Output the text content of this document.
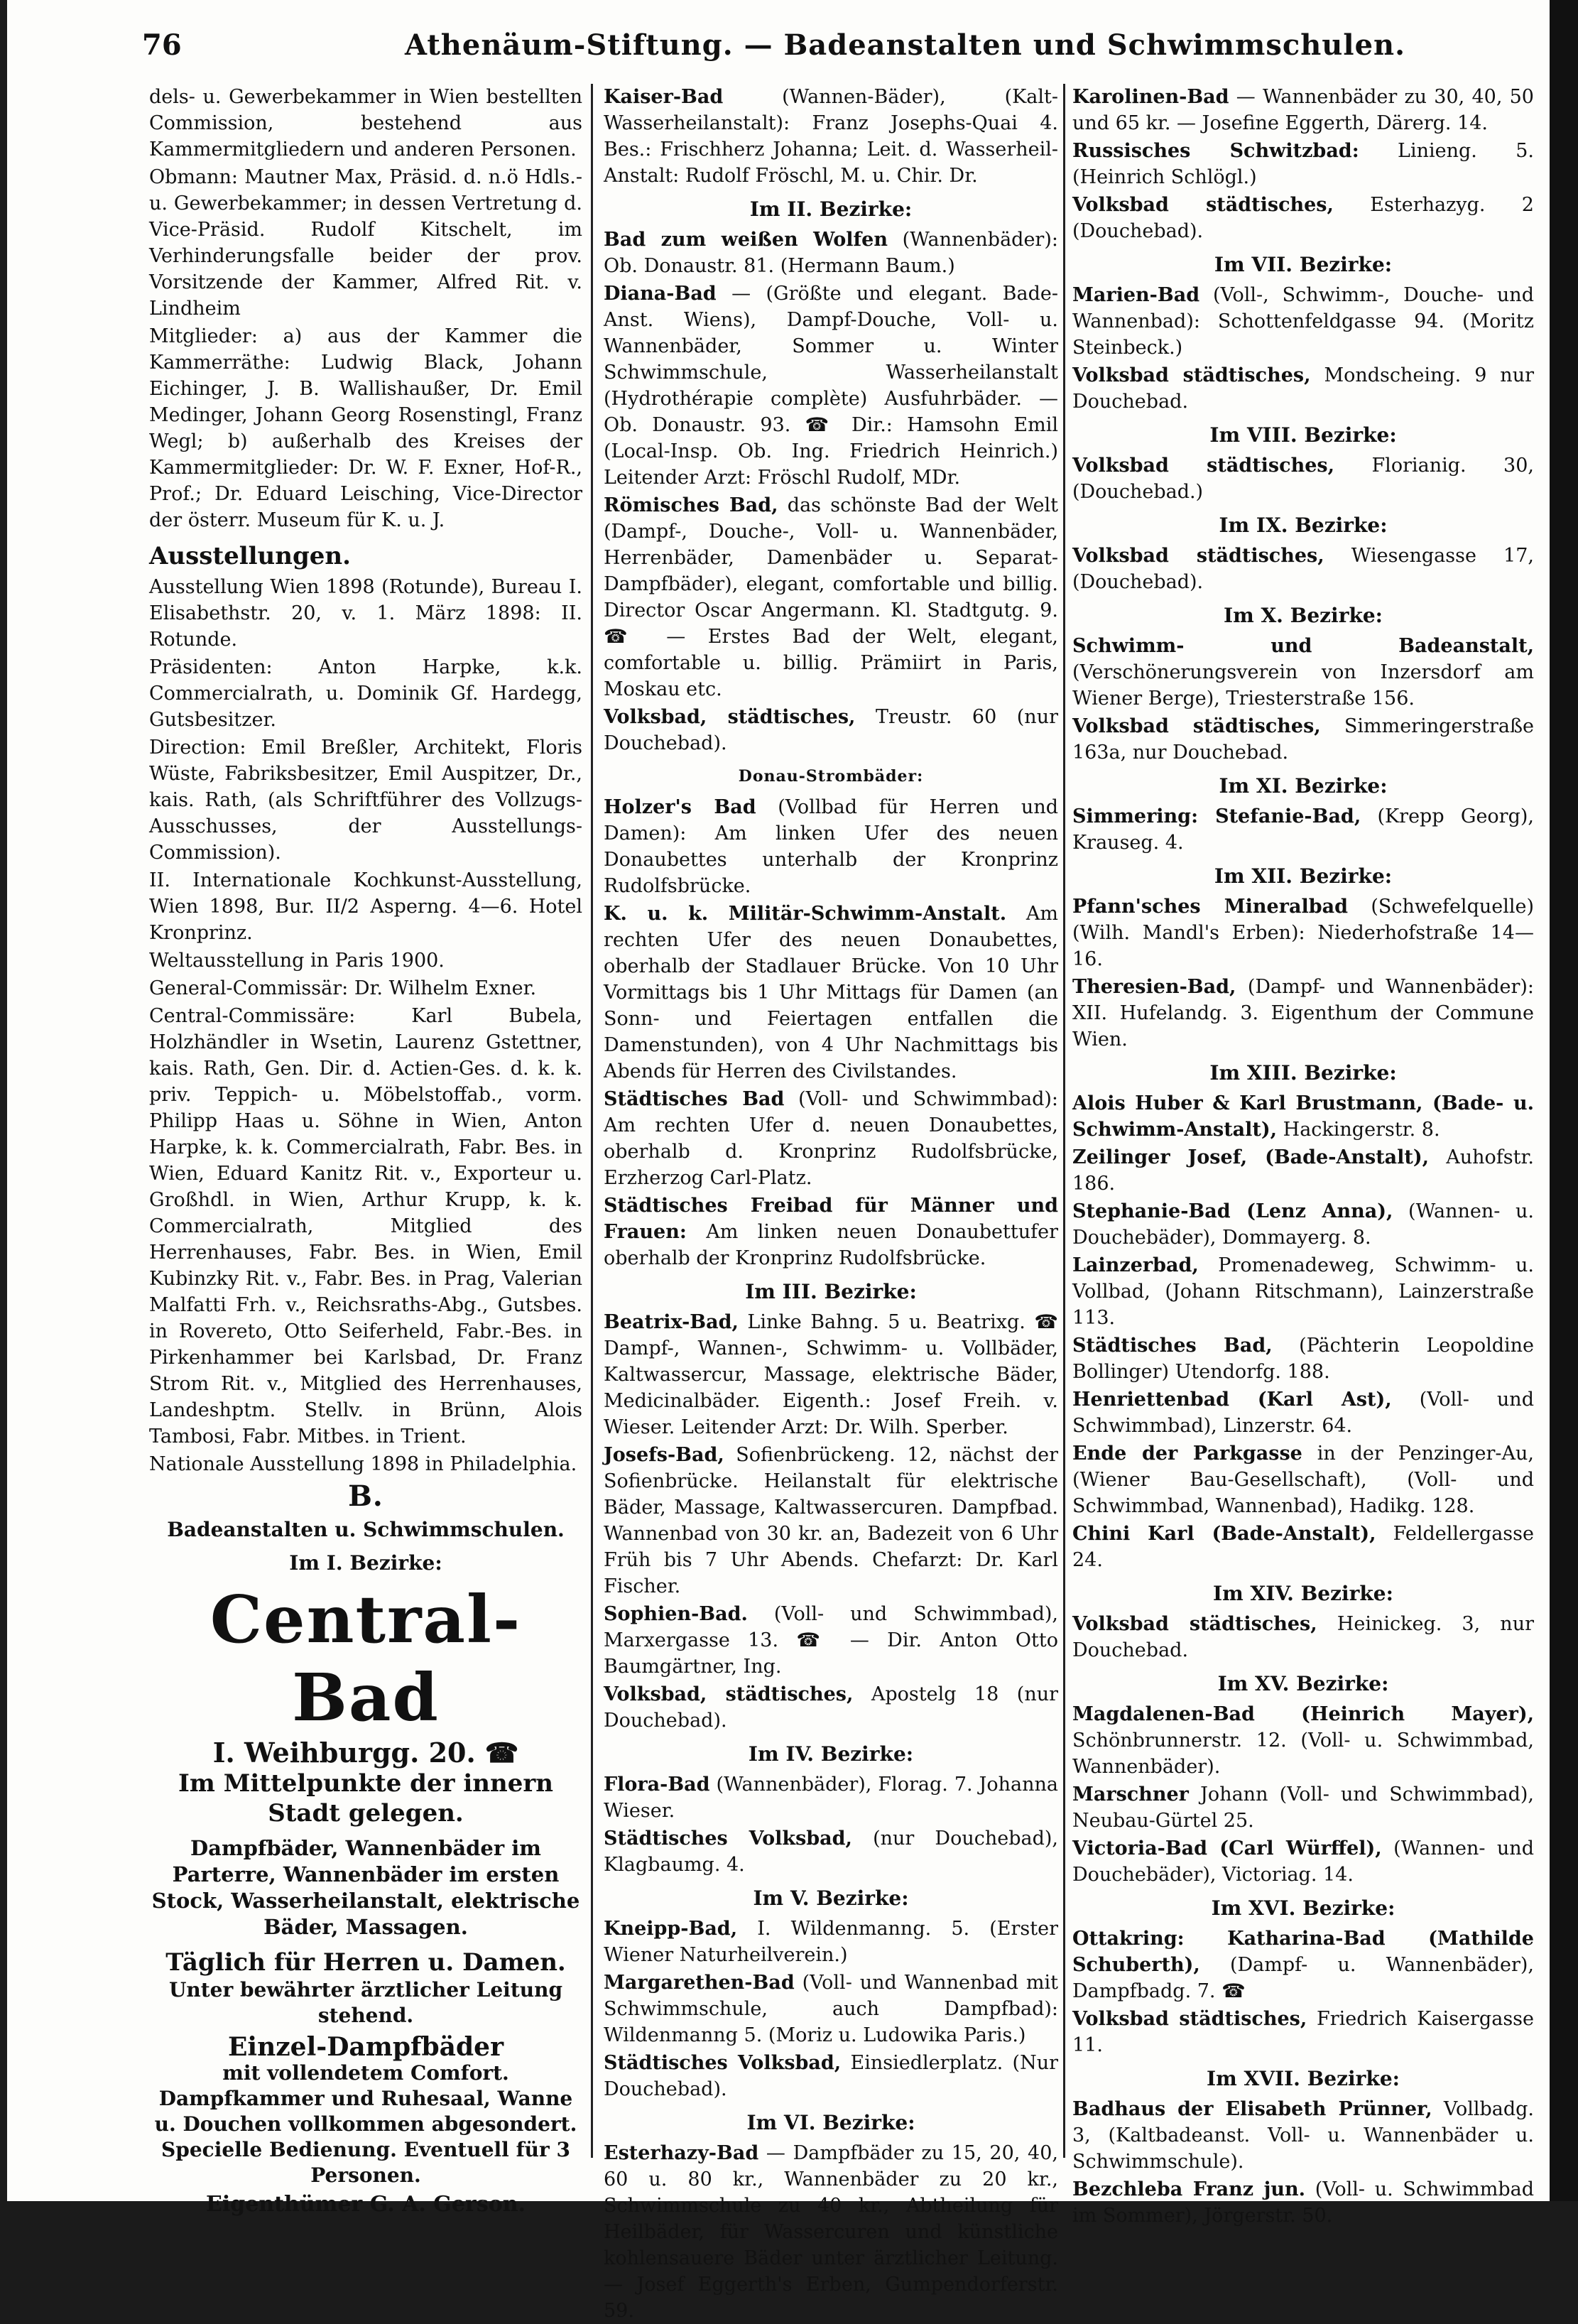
76	Athenäum-Stiftung. — Badeanstalten und Schwimmschulen.

dels- u. Gewerbekammer in Wien bestellten Commission, bestehend aus Kammermitgliedern und anderen Personen.

Obmann: Mautner Max, Präsid. d. n.ö Hdls.- u. Gewerbekammer; in dessen Vertretung d. Vice-Präsid. Rudolf Kitschelt, im Verhinderungsfalle beider der prov. Vorsitzende der Kammer, Alfred Rit. v. Lindheim

Mitglieder: a) aus der Kammer die Kammerräthe: Ludwig Black, Johann Eichinger, J. B. Wallishaußer, Dr. Emil Medinger, Johann Georg Rosenstingl, Franz Wegl; b) außerhalb des Kreises der Kammermitglieder: Dr. W. F. Exner, Hof-R., Prof.; Dr. Eduard Leisching, Vice-Director der österr. Museum für K. u. J.

Ausstellungen.

Ausstellung Wien 1898 (Rotunde), Bureau I. Elisabethstr. 20, v. 1. März 1898: II. Rotunde.

Präsidenten: Anton Harpke, k.k. Commercialrath, u. Dominik Gf. Hardegg, Gutsbesitzer.

Direction: Emil Breßler, Architekt, Floris Wüste, Fabriksbesitzer, Emil Auspitzer, Dr., kais. Rath, (als Schriftführer des Vollzugs-Ausschusses, der Ausstellungs-Commission).

II. Internationale Kochkunst-Ausstellung, Wien 1898, Bur. II/2 Asperng. 4—6. Hotel Kronprinz.

Weltausstellung in Paris 1900.

General-Commissär: Dr. Wilhelm Exner.

Central-Commissäre: Karl Bubela, Holzhändler in Wsetin, Laurenz Gstettner, kais. Rath, Gen. Dir. d. Actien-Ges. d. k. k. priv. Teppich- u. Möbelstoffab., vorm. Philipp Haas u. Söhne in Wien, Anton Harpke, k. k. Commercialrath, Fabr. Bes. in Wien, Eduard Kanitz Rit. v., Exporteur u. Großhdl. in Wien, Arthur Krupp, k. k. Commercialrath, Mitglied des Herrenhauses, Fabr. Bes. in Wien, Emil Kubinzky Rit. v., Fabr. Bes. in Prag, Valerian Malfatti Frh. v., Reichsraths-Abg., Gutsbes. in Rovereto, Otto Seiferheld, Fabr.-Bes. in Pirkenhammer bei Karlsbad, Dr. Franz Strom Rit. v., Mitglied des Herrenhauses, Landeshptm. Stellv. in Brünn, Alois Tambosi, Fabr. Mitbes. in Trient.

Nationale Ausstellung 1898 in Philadelphia.

B.
Badeanstalten u. Schwimmschulen.
Im I. Bezirke:
Central-Bad
I. Weihburgg. 20. ☎
Im Mittelpunkte der innern Stadt gelegen.
Dampfbäder, Wannenbäder im Parterre, Wannenbäder im ersten Stock, Wasserheilanstalt, elektrische Bäder, Massagen.
Täglich für Herren u. Damen.
Unter bewährter ärztlicher Leitung stehend.
Einzel-Dampfbäder
mit vollendetem Comfort. Dampfkammer und Ruhesaal, Wanne u. Douchen vollkommen abgesondert. Specielle Bedienung. Eventuell für 3 Personen.
Eigenthümer G. A. Gerson.

Kaiser-Bad	(Wannen-Bäder), (Kalt-Wasserheilanstalt): Franz Josephs-Quai 4. Bes.: Frischherz Johanna; Leit. d. Wasserheil-Anstalt: Rudolf Fröschl, M. u. Chir. Dr.

Im II. Bezirke:

Bad zum weißen Wolfen (Wannenbäder): Ob. Donaustr. 81. (Hermann Baum.)

Diana-Bad — (Größte und elegant. Bade-Anst. Wiens), Dampf-Douche, Voll- u. Wannenbäder, Sommer u. Winter Schwimmschule, Wasserheilanstalt (Hydrothérapie complète) Ausfuhrbäder. — Ob. Donaustr. 93. ☎ Dir.: Hamsohn Emil (Local-Insp. Ob. Ing. Friedrich Heinrich.) Leitender Arzt: Fröschl Rudolf, MDr.

Römisches Bad, das schönste Bad der Welt (Dampf-, Douche-, Voll- u. Wannenbäder, Herrenbäder, Damenbäder u. Separat-Dampfbäder), elegant, comfortable und billig. Director Oscar Angermann. Kl. Stadtgutg. 9. ☎ — Erstes Bad der Welt, elegant, comfortable u. billig. Prämiirt in Paris, Moskau etc.

Volksbad, städtisches, Treustr. 60 (nur Douchebad).

Donau-Strombäder:

Holzer's Bad (Vollbad für Herren und Damen): Am linken Ufer des neuen Donaubettes unterhalb der Kronprinz Rudolfsbrücke.

K. u. k. Militär-Schwimm-Anstalt. Am rechten Ufer des neuen Donaubettes, oberhalb der Stadlauer Brücke. Von 10 Uhr Vormittags bis 1 Uhr Mittags für Damen (an Sonn- und Feiertagen entfallen die Damenstunden), von 4 Uhr Nachmittags bis Abends für Herren des Civilstandes.

Städtisches Bad (Voll- und Schwimmbad): Am rechten Ufer d. neuen Donaubettes, oberhalb d. Kronprinz Rudolfsbrücke, Erzherzog Carl-Platz.

Städtisches Freibad für Männer und Frauen: Am linken neuen Donaubettufer oberhalb der Kronprinz Rudolfsbrücke.

Im III. Bezirke:

Beatrix-Bad, Linke Bahng. 5 u. Beatrixg. ☎ Dampf-, Wannen-, Schwimm- u. Vollbäder, Kaltwassercur, Massage, elektrische Bäder, Medicinalbäder. Eigenth.: Josef Freih. v. Wieser. Leitender Arzt: Dr. Wilh. Sperber.

Josefs-Bad, Sofienbrückeng. 12, nächst der Sofienbrücke. Heilanstalt für elektrische Bäder, Massage, Kaltwassercuren. Dampfbad. Wannenbad von 30 kr. an, Badezeit von 6 Uhr Früh bis 7 Uhr Abends. Chefarzt: Dr. Karl Fischer.

Sophien-Bad. (Voll- und Schwimmbad), Marxergasse 13. ☎ — Dir. Anton Otto Baumgärtner, Ing.

Volksbad, städtisches, Apostelg 18 (nur Douchebad).

Im IV. Bezirke:

Flora-Bad (Wannenbäder), Florag. 7. Johanna Wieser.

Städtisches Volksbad, (nur Douchebad), Klagbaumg. 4.

Im V. Bezirke:

Kneipp-Bad, I. Wildenmanng. 5. (Erster Wiener Naturheilverein.)

Margarethen-Bad (Voll- und Wannenbad mit Schwimmschule, auch Dampfbad): Wildenmanng 5. (Moriz u. Ludowika Paris.)

Städtisches Volksbad, Einsiedlerplatz. (Nur Douchebad).

Im VI. Bezirke:

Esterhazy-Bad — Dampfbäder zu 15, 20, 40, 60 u. 80 kr., Wannenbäder zu 20 kr., Schwimmschule zu 40 kr., Abtheilung für Heilbäder, für Wassercuren und künstliche kohlensauere Bäder unter ärztlicher Leitung. — Josef Eggerth's Erben, Gumpendorferstr. 59.

Karolinen-Bad — Wannenbäder zu 30, 40, 50 und 65 kr. — Josefine Eggerth, Därerg. 14.

Russisches Schwitzbad: Linieng. 5. (Heinrich Schlögl.)

Volksbad städtisches, Esterhazyg. 2 (Douchebad).

Im VII. Bezirke:

Marien-Bad (Voll-, Schwimm-, Douche- und Wannenbad): Schottenfeldgasse 94. (Moritz Steinbeck.)

Volksbad städtisches, Mondscheing. 9 nur Douchebad.

Im VIII. Bezirke:

Volksbad städtisches, Florianig. 30, (Douchebad.)

Im IX. Bezirke:

Volksbad städtisches, Wiesengasse 17, (Douchebad).

Im X. Bezirke:

Schwimm- und Badeanstalt, (Verschönerungsverein von Inzersdorf am Wiener Berge), Triesterstraße 156.

Volksbad städtisches, Simmeringerstraße 163a, nur Douchebad.

Im XI. Bezirke:

Simmering: Stefanie-Bad, (Krepp Georg), Krauseg. 4.

Im XII. Bezirke:

Pfann'sches Mineralbad (Schwefelquelle) (Wilh. Mandl's Erben): Niederhofstraße 14—16.

Theresien-Bad, (Dampf- und Wannenbäder): XII. Hufelandg. 3. Eigenthum der Commune Wien.

Im XIII. Bezirke:

Alois Huber & Karl Brustmann, (Bade- u. Schwimm-Anstalt), Hackingerstr. 8.

Zeilinger Josef, (Bade-Anstalt), Auhofstr. 186.

Stephanie-Bad (Lenz Anna), (Wannen- u. Douchebäder), Dommayerg. 8.

Lainzerbad, Promenadeweg, Schwimm- u. Vollbad, (Johann Ritschmann), Lainzerstraße 113.

Städtisches Bad, (Pächterin Leopoldine Bollinger) Utendorfg. 188.

Henriettenbad (Karl Ast), (Voll- und Schwimmbad), Linzerstr. 64.

Ende der Parkgasse in der Penzinger-Au, (Wiener Bau-Gesellschaft), (Voll- und Schwimmbad, Wannenbad), Hadikg. 128.

Chini Karl (Bade-Anstalt), Feldellergasse 24.

Im XIV. Bezirke:

Volksbad städtisches, Heinickeg. 3, nur Douchebad.

Im XV. Bezirke:

Magdalenen-Bad (Heinrich Mayer), Schönbrunnerstr. 12. (Voll- u. Schwimmbad, Wannenbäder).

Marschner Johann (Voll- und Schwimmbad), Neubau-Gürtel 25.

Victoria-Bad (Carl Würffel), (Wannen- und Douchebäder), Victoriag. 14.

Im XVI. Bezirke:

Ottakring: Katharina-Bad (Mathilde Schuberth), (Dampf- u. Wannenbäder), Dampfbadg. 7. ☎

Volksbad städtisches, Friedrich Kaisergasse 11.

Im XVII. Bezirke:

Badhaus der Elisabeth Prünner, Vollbadg. 3, (Kaltbadeanst. Voll- u. Wannenbäder u. Schwimmschule).

Bezchleba Franz jun. (Voll- u. Schwimmbad im Sommer), Jörgerstr. 50.
